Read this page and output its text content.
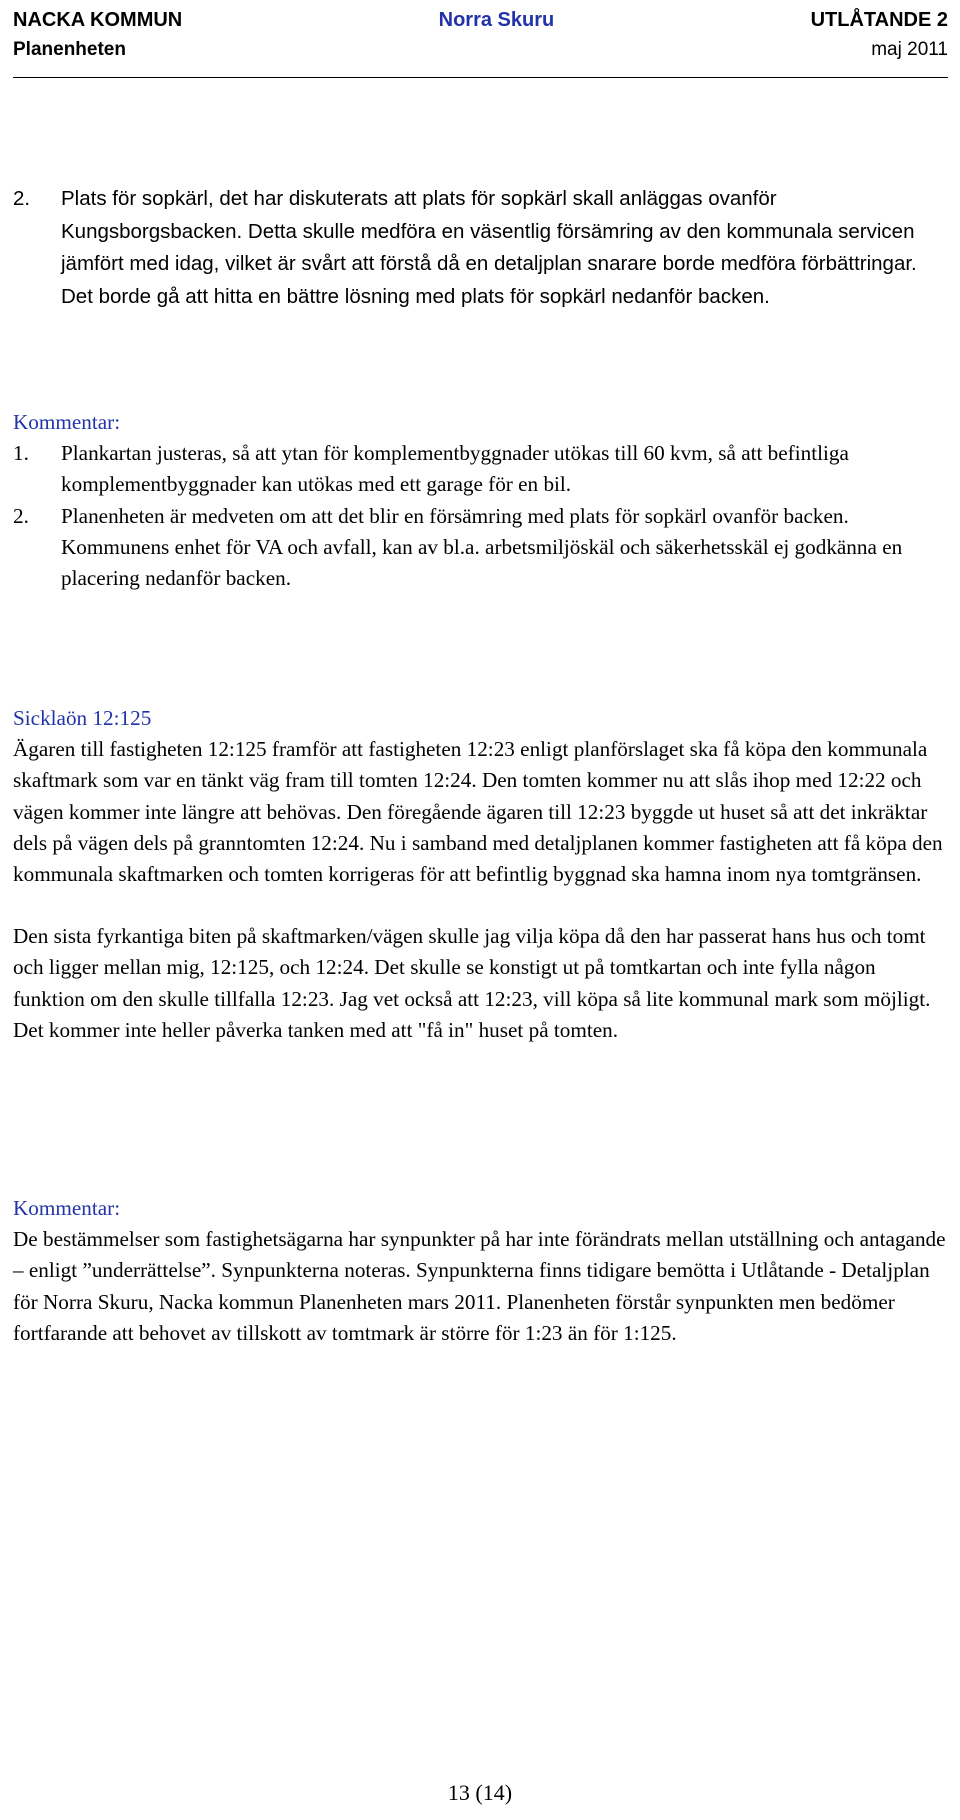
NACKA KOMMUN	Norra Skuru	UTLÅTANDE 2
Planenheten	maj 2011
2.	Plats för sopkärl, det har diskuterats att plats för sopkärl skall anläggas ovanför Kungsborgsbacken. Detta skulle medföra en väsentlig försämring av den kommunala servicen jämfört med idag, vilket är svårt att förstå då en detaljplan snarare borde medföra förbättringar. Det borde gå att hitta en bättre lösning med plats för sopkärl nedanför backen.

Kommentar:

1.	Plankartan justeras, så att ytan för komplementbyggnader utökas till 60 kvm, så att befintliga komplementbyggnader kan utökas med ett garage för en bil.
2.	Planenheten är medveten om att det blir en försämring med plats för sopkärl ovanför backen. Kommunens enhet för VA och avfall, kan av bl.a. arbetsmiljöskäl och säkerhetsskäl ej godkänna en placering nedanför backen.

Sicklaön 12:125

Ägaren till fastigheten 12:125 framför att fastigheten 12:23 enligt planförslaget ska få köpa den kommunala skaftmark som var en tänkt väg fram till tomten 12:24. Den tomten kommer nu att slås ihop med 12:22 och vägen kommer inte längre att behövas. Den föregående ägaren till 12:23 byggde ut huset så att det inkräktar dels på vägen dels på granntomten 12:24. Nu i samband med detaljplanen kommer fastigheten att få köpa den kommunala skaftmarken och tomten korrigeras för att befintlig byggnad ska hamna inom nya tomtgränsen.

Den sista fyrkantiga biten på skaftmarken/vägen skulle jag vilja köpa då den har passerat hans hus och tomt och ligger mellan mig, 12:125, och 12:24. Det skulle se konstigt ut på tomtkartan och inte fylla någon funktion om den skulle tillfalla 12:23. Jag vet också att 12:23, vill köpa så lite kommunal mark som möjligt. Det kommer inte heller påverka tanken med att "få in" huset på tomten.

Kommentar:

De bestämmelser som fastighetsägarna har synpunkter på har inte förändrats mellan utställning och antagande – enligt ”underrättelse”. Synpunkterna noteras. Synpunkterna finns tidigare bemötta i Utlåtande - Detaljplan för Norra Skuru, Nacka kommun Planenheten mars 2011. Planenheten förstår synpunkten men bedömer fortfarande att behovet av tillskott av tomtmark är större för 1:23 än för 1:125.

13 (14)
